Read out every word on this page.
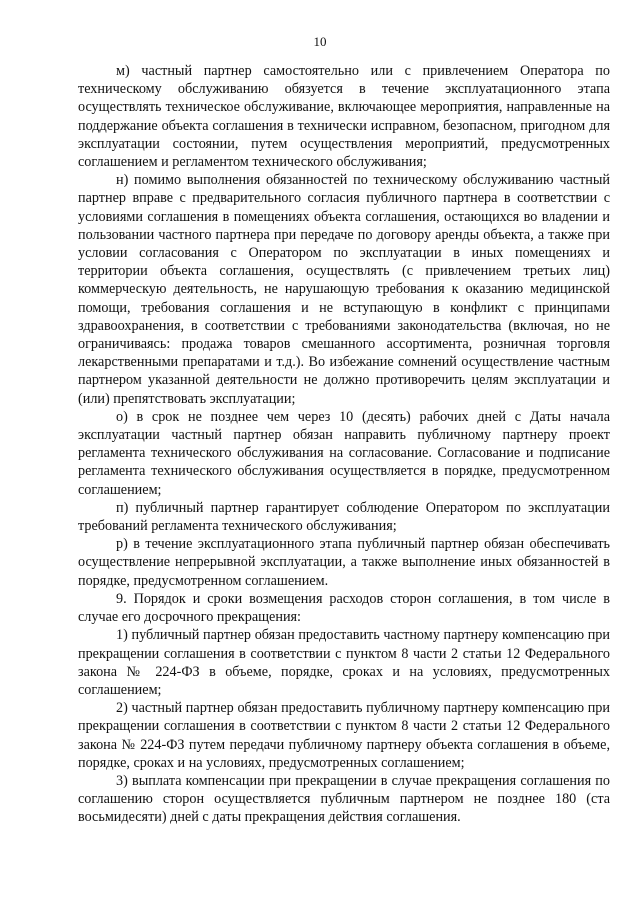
10

м) частный партнер самостоятельно или с привлечением Оператора по техническому обслуживанию обязуется в течение эксплуатационного этапа осуществлять техническое обслуживание, включающее мероприятия, направленные на поддержание объекта соглашения в технически исправном, безопасном, пригодном для эксплуатации состоянии, путем осуществления мероприятий, предусмотренных соглашением и регламентом технического обслуживания;

н) помимо выполнения обязанностей по техническому обслуживанию частный партнер вправе с предварительного согласия публичного партнера в соответствии с условиями соглашения в помещениях объекта соглашения, остающихся во владении и пользовании частного партнера при передаче по договору аренды объекта, а также при условии согласования с Оператором по эксплуатации в иных помещениях и территории объекта соглашения, осуществлять (с привлечением третьих лиц) коммерческую деятельность, не нарушающую требования к оказанию медицинской помощи, требования соглашения и не вступающую в конфликт с принципами здравоохранения, в соответствии с требованиями законодательства (включая, но не ограничиваясь: продажа товаров смешанного ассортимента, розничная торговля лекарственными препаратами и т.д.). Во избежание сомнений осуществление частным партнером указанной деятельности не должно противоречить целям эксплуатации и (или) препятствовать эксплуатации;

о) в срок не позднее чем через 10 (десять) рабочих дней с Даты начала эксплуатации частный партнер обязан направить публичному партнеру проект регламента технического обслуживания на согласование. Согласование и подписание регламента технического обслуживания осуществляется в порядке, предусмотренном соглашением;

п) публичный партнер гарантирует соблюдение Оператором по эксплуатации требований регламента технического обслуживания;

р) в течение эксплуатационного этапа публичный партнер обязан обеспечивать осуществление непрерывной эксплуатации, а также выполнение иных обязанностей в порядке, предусмотренном соглашением.

9. Порядок и сроки возмещения расходов сторон соглашения, в том числе в случае его досрочного прекращения:

1) публичный партнер обязан предоставить частному партнеру компенсацию при прекращении соглашения в соответствии с пунктом 8 части 2 статьи 12 Федерального закона № 224-ФЗ в объеме, порядке, сроках и на условиях, предусмотренных соглашением;

2) частный партнер обязан предоставить публичному партнеру компенсацию при прекращении соглашения в соответствии с пунктом 8 части 2 статьи 12 Федерального закона № 224-ФЗ путем передачи публичному партнеру объекта соглашения в объеме, порядке, сроках и на условиях, предусмотренных соглашением;

3) выплата компенсации при прекращении в случае прекращения соглашения по соглашению сторон осуществляется публичным партнером не позднее 180 (ста восьмидесяти) дней с даты прекращения действия соглашения.
